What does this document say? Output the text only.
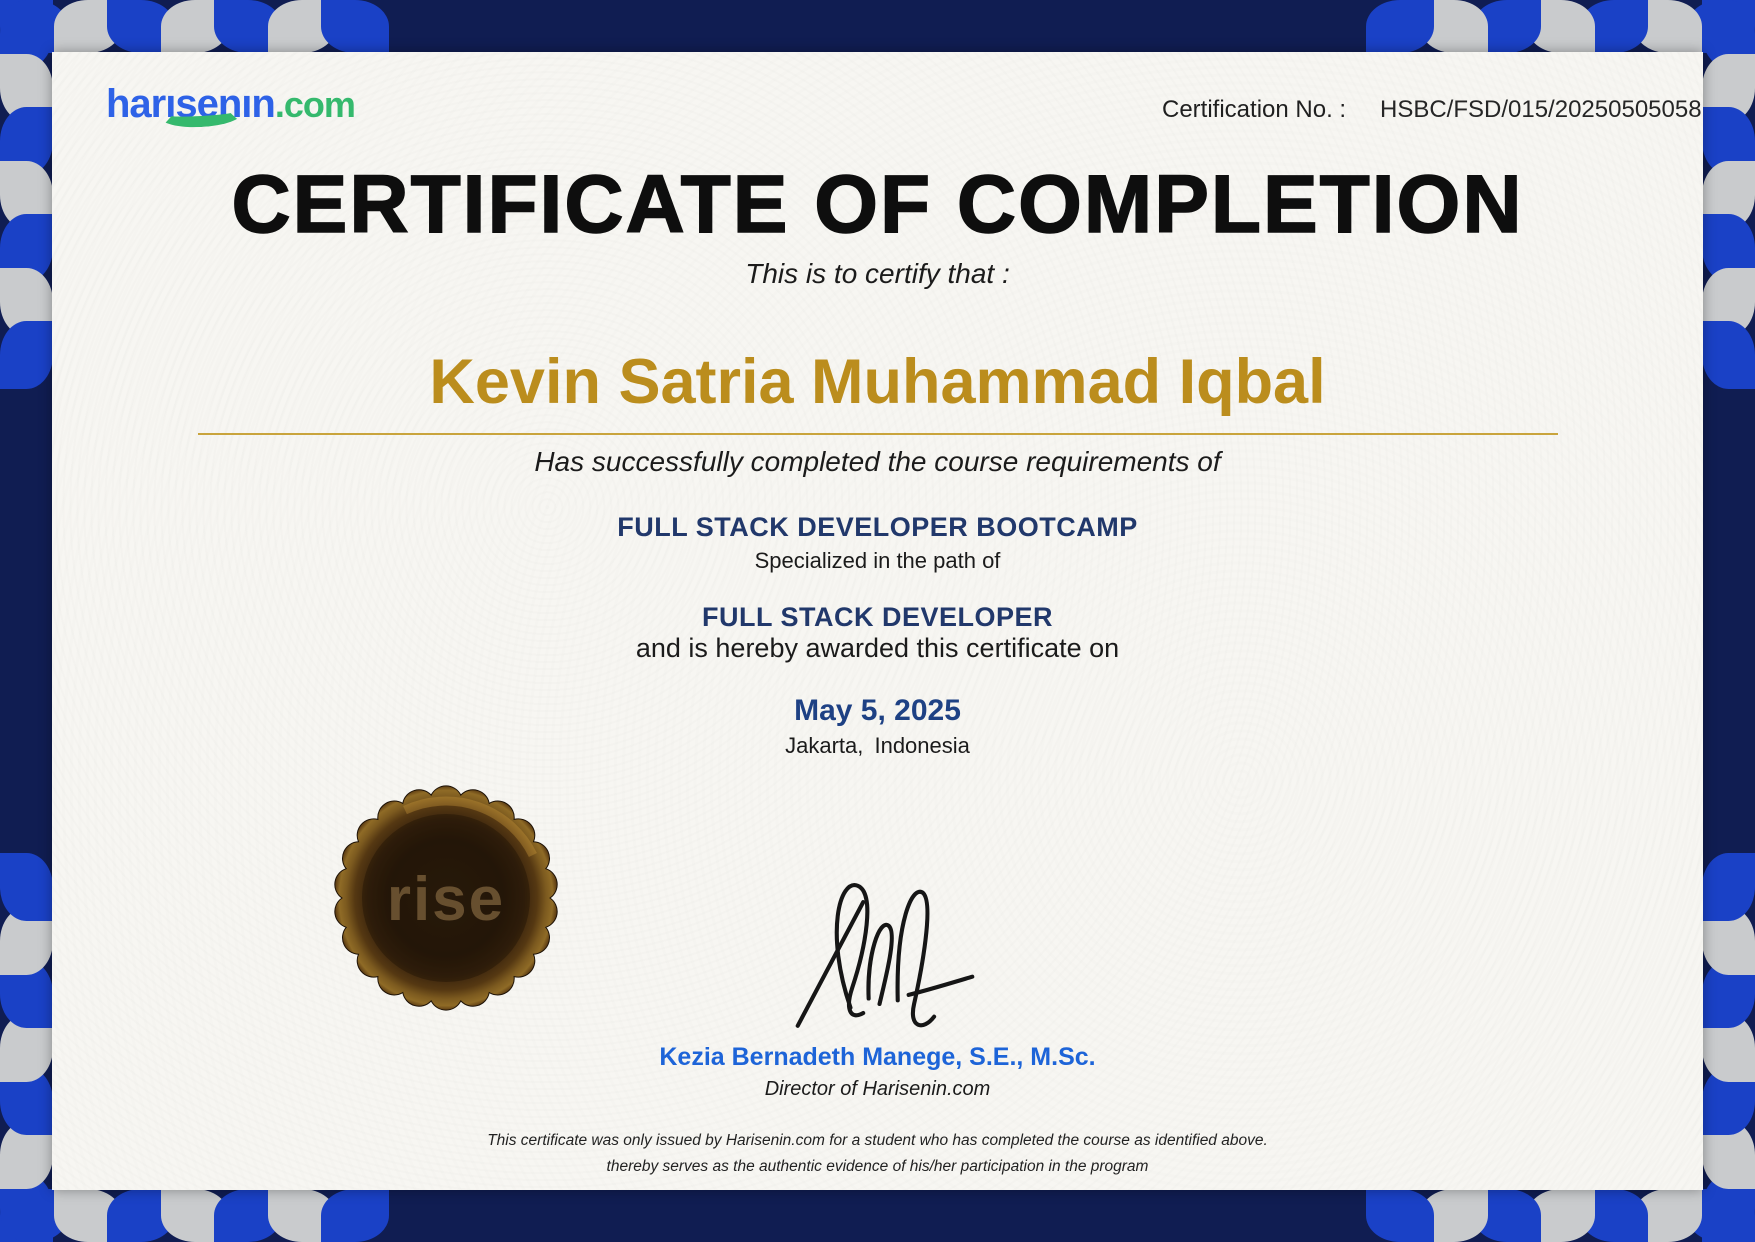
harıse
nın.com	Certification No. : HSBC/FSD/015/20250505058
CERTIFICATE OF COMPLETION
This is to certify that :
Kevin Satria Muhammad Iqbal
Has successfully completed the course requirements of
FULL STACK DEVELOPER BOOTCAMP
Specialized in the path of
FULL STACK DEVELOPER
and is hereby awarded this certificate on
May 5, 2025
Jakarta, Indonesia
rise
Kezia Bernadeth Manege, S.E., M.Sc.
Director of Harisenin.com
This certificate was only issued by Harisenin.com for a student who has completed the course as identified above.
thereby serves as the authentic evidence of his/her participation in the program
